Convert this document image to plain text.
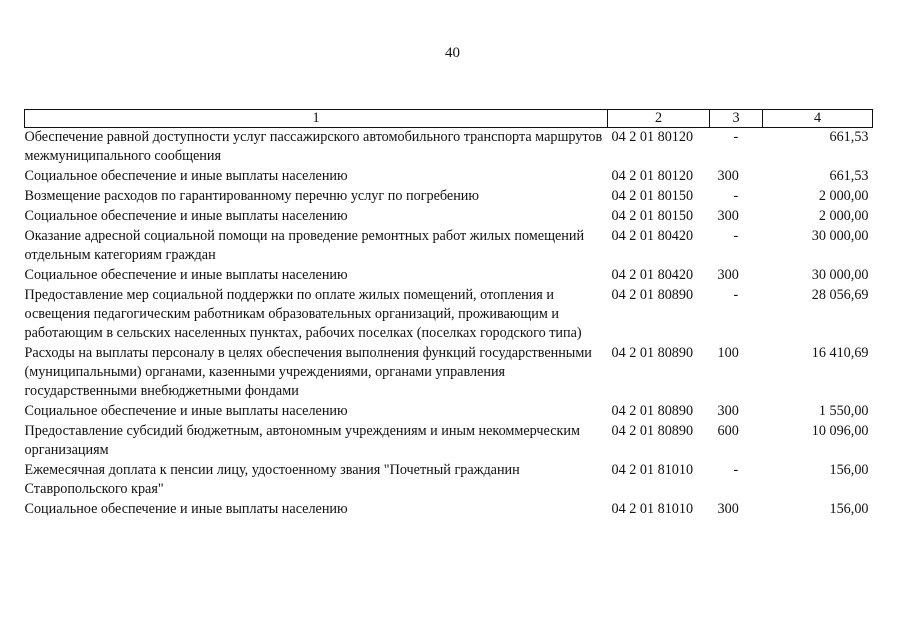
40
1	2	3	4
Обеспечение равной доступности услуг пассажирского автомобильного транспорта маршрутов межмуниципального сообщения	04 2 01 80120	-	661,53
Социальное обеспечение и иные выплаты населению	04 2 01 80120	300	661,53
Возмещение расходов по гарантированному перечню услуг по погребению	04 2 01 80150	-	2 000,00
Социальное обеспечение и иные выплаты населению	04 2 01 80150	300	2 000,00
Оказание адресной социальной помощи на проведение ремонтных работ жилых помещений отдельным категориям граждан	04 2 01 80420	-	30 000,00
Социальное обеспечение и иные выплаты населению	04 2 01 80420	300	30 000,00
Предоставление мер социальной поддержки по оплате жилых помещений, отопления и освещения педагогическим работникам образовательных организаций, проживающим и работающим в сельских населенных пунктах, рабочих поселках (поселках городского типа)	04 2 01 80890	-	28 056,69
Расходы на выплаты персоналу в целях обеспечения выполнения функций государственными (муниципальными) органами, казенными учреждениями, органами управления государственными внебюджетными фондами	04 2 01 80890	100	16 410,69
Социальное обеспечение и иные выплаты населению	04 2 01 80890	300	1 550,00
Предоставление субсидий бюджетным, автономным учреждениям и иным некоммерческим организациям	04 2 01 80890	600	10 096,00
Ежемесячная доплата к пенсии лицу, удостоенному звания "Почетный гражданин Ставропольского края"	04 2 01 81010	-	156,00
Социальное обеспечение и иные выплаты населению	04 2 01 81010	300	156,00
